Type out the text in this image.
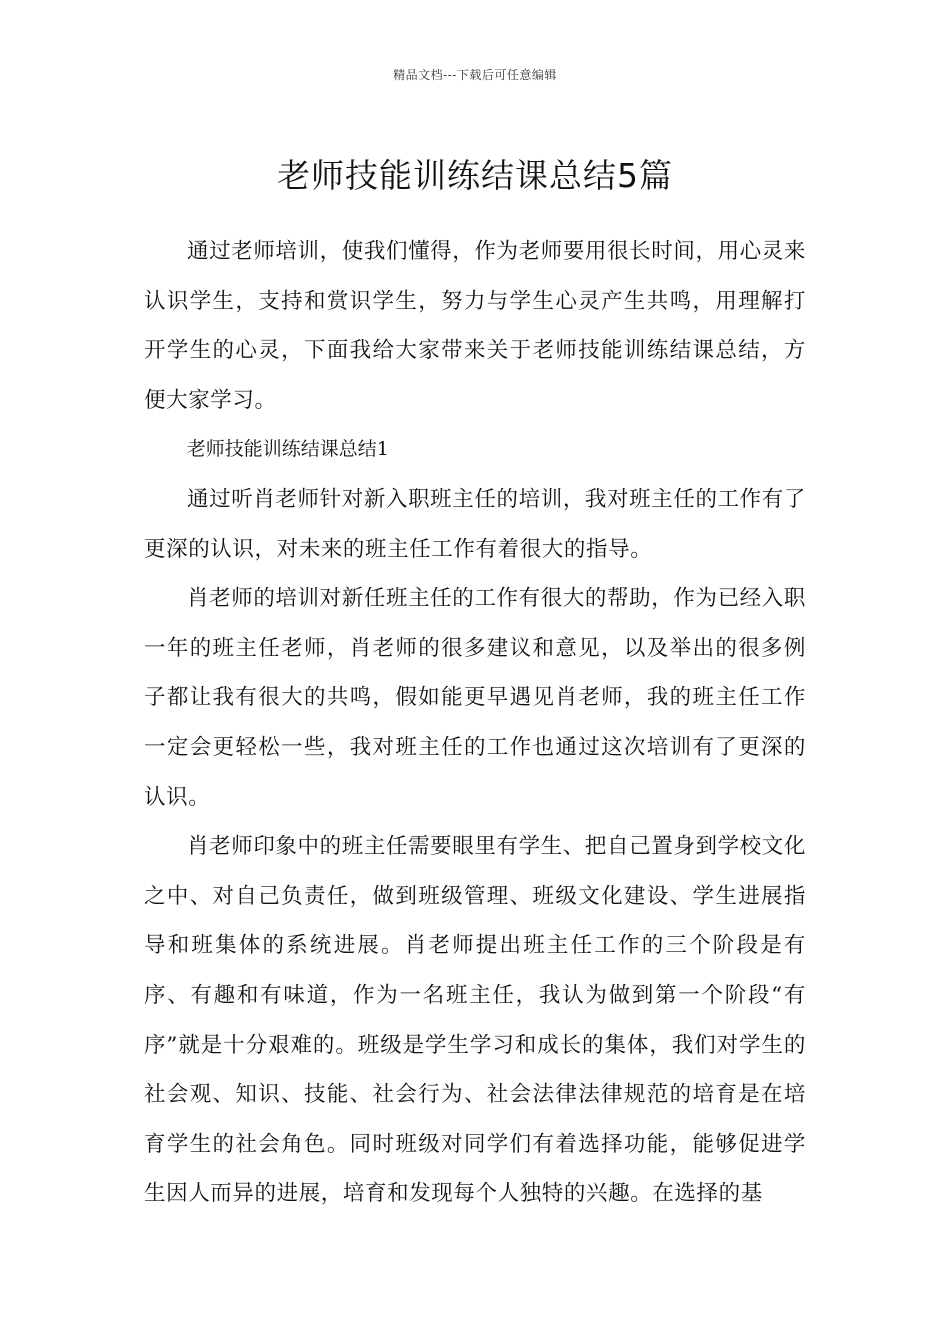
精品文档---下载后可任意编辑
老师技能训练结课总结5篇

通过老师培训，使我们懂得，作为老师要用很长时间，用心灵来认识学生，支持和赏识学生，努力与学生心灵产生共鸣，用理解打开学生的心灵，下面我给大家带来关于老师技能训练结课总结，方便大家学习。

老师技能训练结课总结1

通过听肖老师针对新入职班主任的培训，我对班主任的工作有了更深的认识，对未来的班主任工作有着很大的指导。

肖老师的培训对新任班主任的工作有很大的帮助，作为已经入职一年的班主任老师，肖老师的很多建议和意见，以及举出的很多例子都让我有很大的共鸣，假如能更早遇见肖老师，我的班主任工作一定会更轻松一些，我对班主任的工作也通过这次培训有了更深的认识。

肖老师印象中的班主任需要眼里有学生、把自己置身到学校文化之中、对自己负责任，做到班级管理、班级文化建设、学生进展指导和班集体的系统进展。肖老师提出班主任工作的三个阶段是有序、有趣和有味道，作为一名班主任，我认为做到第一个阶段“有序”就是十分艰难的。班级是学生学习和成长的集体，我们对学生的社会观、知识、技能、社会行为、社会法律法律规范的培育是在培育学生的社会角色。同时班级对同学们有着选择功能，能够促进学生因人而异的进展，培育和发现每个人独特的兴趣。在选择的基
